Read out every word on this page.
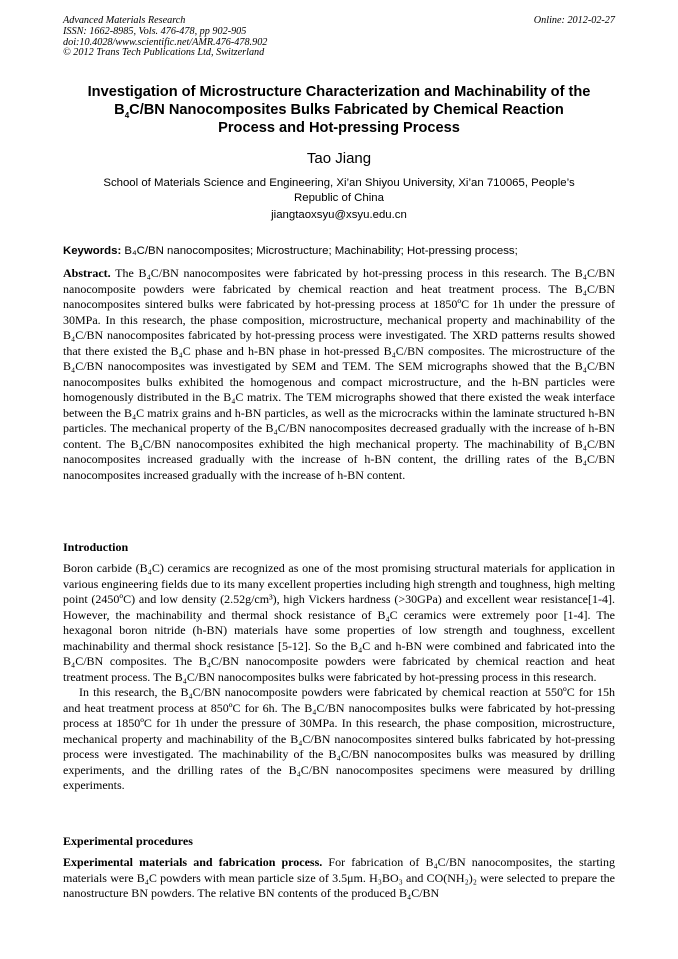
Advanced Materials Research
ISSN: 1662-8985, Vols. 476-478, pp 902-905
doi:10.4028/www.scientific.net/AMR.476-478.902
© 2012 Trans Tech Publications Ltd, Switzerland
Online: 2012-02-27
Investigation of Microstructure Characterization and Machinability of the
$B_4C/BN$ Nanocomposites Bulks Fabricated by Chemical Reaction
Process and Hot-pressing Process
Tao Jiang
School of Materials Science and Engineering, Xi’an Shiyou University, Xi’an 710065, People’s
Republic of China
jiangtaoxsyu@xsyu.edu.cn
Keywords: B₄C/BN nanocomposites; Microstructure; Machinability; Hot-pressing process;

Abstract. The B₄C/BN nanocomposites were fabricated by hot-pressing process in this research. The B₄C/BN nanocomposite powders were fabricated by chemical reaction and heat treatment process. The B₄C/BN nanocomposites sintered bulks were fabricated by hot-pressing process at 1850ºC for 1h under the pressure of 30MPa. In this research, the phase composition, microstructure, mechanical property and machinability of the B₄C/BN nanocomposites fabricated by hot-pressing process were investigated. The XRD patterns results showed that there existed the B₄C phase and h-BN phase in hot-pressed B₄C/BN composites. The microstructure of the B₄C/BN nanocomposites was investigated by SEM and TEM. The SEM micrographs showed that the B₄C/BN nanocomposites bulks exhibited the homogenous and compact microstructure, and the h-BN particles were homogenously distributed in the B₄C matrix. The TEM micrographs showed that there existed the weak interface between the B₄C matrix grains and h-BN particles, as well as the microcracks within the laminate structured h-BN particles. The mechanical property of the B₄C/BN nanocomposites decreased gradually with the increase of h-BN content. The B₄C/BN nanocomposites exhibited the high mechanical property. The machinability of B₄C/BN nanocomposites increased gradually with the increase of h-BN content, the drilling rates of the B₄C/BN nanocomposites increased gradually with the increase of h-BN content.

Introduction

Boron carbide (B₄C) ceramics are recognized as one of the most promising structural materials for application in various engineering fields due to its many excellent properties including high strength and toughness, high melting point (2450ºC) and low density (2.52g/cm³), high Vickers hardness (>30GPa) and excellent wear resistance[1-4]. However, the machinability and thermal shock resistance of B₄C ceramics were extremely poor [1-4]. The hexagonal boron nitride (h-BN) materials have some properties of low strength and toughness, excellent machinability and thermal shock resistance [5-12]. So the B₄C and h-BN were combined and fabricated into the B₄C/BN composites. The B₄C/BN nanocomposite powders were fabricated by chemical reaction and heat treatment process. The B₄C/BN nanocomposites bulks were fabricated by hot-pressing process in this research.

In this research, the B₄C/BN nanocomposite powders were fabricated by chemical reaction at 550ºC for 15h and heat treatment process at 850ºC for 6h. The B₄C/BN nanocomposites bulks were fabricated by hot-pressing process at 1850ºC for 1h under the pressure of 30MPa. In this research, the phase composition, microstructure, mechanical property and machinability of the B₄C/BN nanocomposites sintered bulks fabricated by hot-pressing process were investigated. The machinability of the B₄C/BN nanocomposites bulks was measured by drilling experiments, and the drilling rates of the B₄C/BN nanocomposites specimens were measured by drilling experiments.

Experimental procedures

Experimental materials and fabrication process. For fabrication of B₄C/BN nanocomposites, the starting materials were B₄C powders with mean particle size of 3.5μm. H₃BO₃ and CO(NH₂)₂ were selected to prepare the nanostructure BN powders. The relative BN contents of the produced B₄C/BN
